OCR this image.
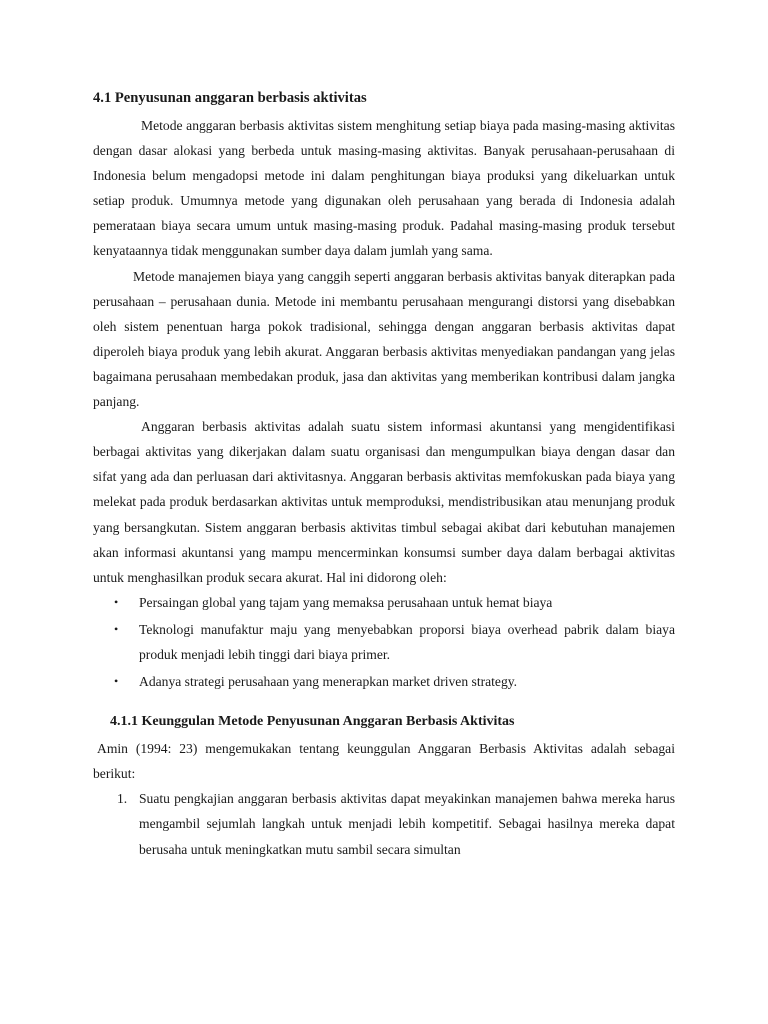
4.1 Penyusunan anggaran berbasis aktivitas

Metode anggaran berbasis aktivitas sistem menghitung setiap biaya pada masing-masing aktivitas dengan dasar alokasi yang berbeda untuk masing-masing aktivitas. Banyak perusahaan-perusahaan di Indonesia belum mengadopsi metode ini dalam penghitungan biaya produksi yang dikeluarkan untuk setiap produk. Umumnya metode yang digunakan oleh perusahaan yang berada di Indonesia adalah pemerataan biaya secara umum untuk masing-masing produk. Padahal masing-masing produk tersebut kenyataannya tidak menggunakan sumber daya dalam jumlah yang sama.

Metode manajemen biaya yang canggih seperti anggaran berbasis aktivitas banyak diterapkan pada perusahaan – perusahaan dunia. Metode ini membantu perusahaan mengurangi distorsi yang disebabkan oleh sistem penentuan harga pokok tradisional, sehingga dengan anggaran berbasis aktivitas dapat diperoleh biaya produk yang lebih akurat. Anggaran berbasis aktivitas menyediakan pandangan yang jelas bagaimana perusahaan membedakan produk, jasa dan aktivitas yang memberikan kontribusi dalam jangka panjang.

Anggaran berbasis aktivitas adalah suatu sistem informasi akuntansi yang mengidentifikasi berbagai aktivitas yang dikerjakan dalam suatu organisasi dan mengumpulkan biaya dengan dasar dan sifat yang ada dan perluasan dari aktivitasnya. Anggaran berbasis aktivitas memfokuskan pada biaya yang melekat pada produk berdasarkan aktivitas untuk memproduksi, mendistribusikan atau menunjang produk yang bersangkutan. Sistem anggaran berbasis aktivitas timbul sebagai akibat dari kebutuhan manajemen akan informasi akuntansi yang mampu mencerminkan konsumsi sumber daya dalam berbagai aktivitas untuk menghasilkan produk secara akurat. Hal ini didorong oleh:

• Persaingan global yang tajam yang memaksa perusahaan untuk hemat biaya
• Teknologi manufaktur maju yang menyebabkan proporsi biaya overhead pabrik dalam biaya produk menjadi lebih tinggi dari biaya primer.
• Adanya strategi perusahaan yang menerapkan market driven strategy.
4.1.1 Keunggulan Metode Penyusunan Anggaran Berbasis Aktivitas

Amin (1994: 23) mengemukakan tentang keunggulan Anggaran Berbasis Aktivitas adalah sebagai berikut:

1. Suatu pengkajian anggaran berbasis aktivitas dapat meyakinkan manajemen bahwa mereka harus mengambil sejumlah langkah untuk menjadi lebih kompetitif. Sebagai hasilnya mereka dapat berusaha untuk meningkatkan mutu sambil secara simultan
